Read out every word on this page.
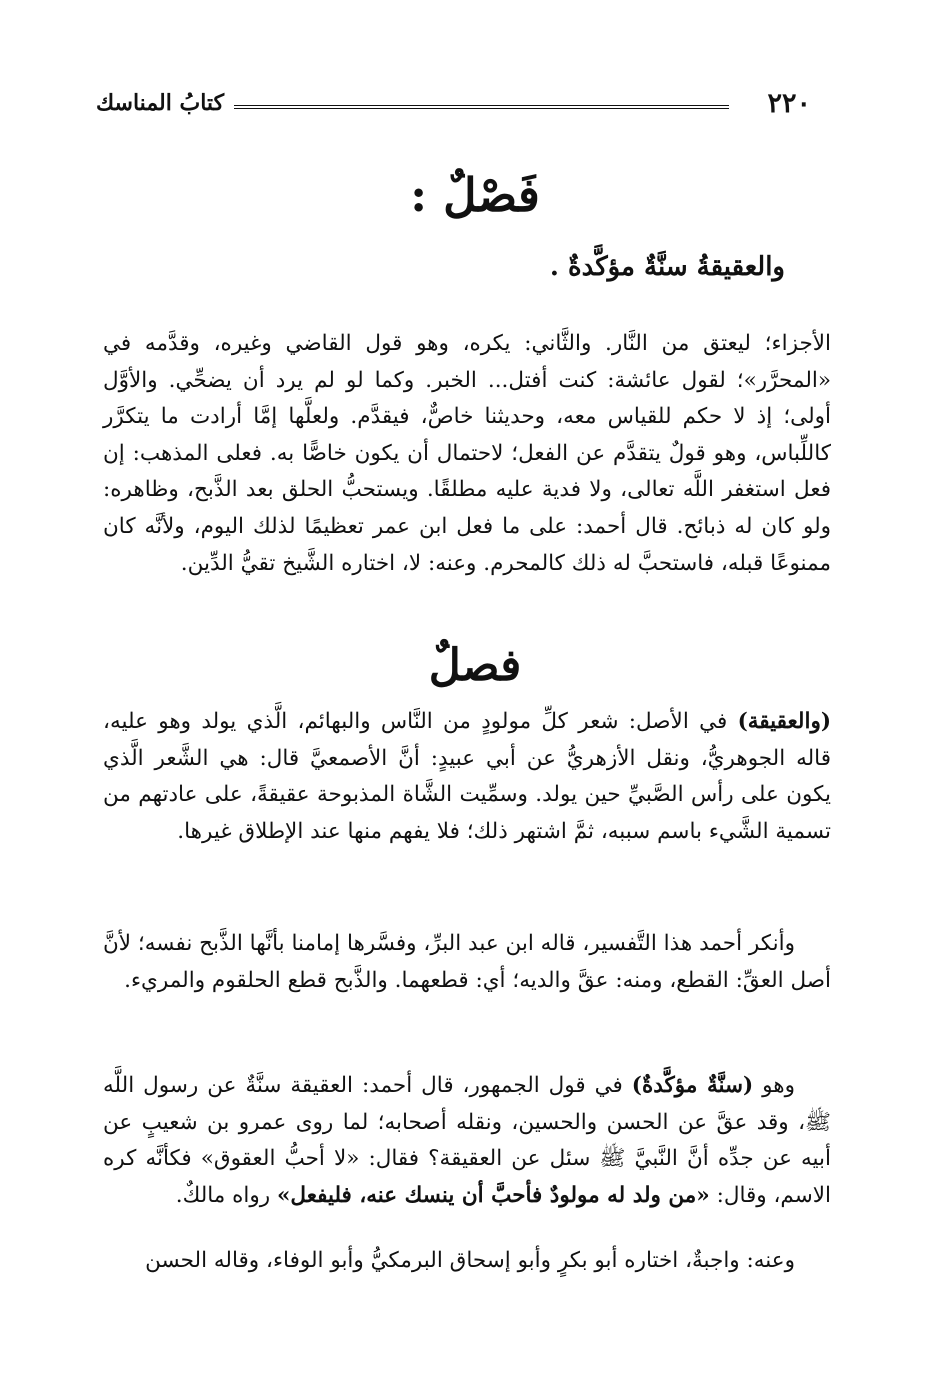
٢٢٠
كتابُ المناسك
فَصْلٌ :
والعقيقةُ سنَّةٌ مؤكَّدةٌ .

الأجزاء؛ ليعتق من النَّار. والثَّاني: يكره، وهو قول القاضي وغيره، وقدَّمه في «المحرَّر»؛ لقول عائشة: كنت أفتل... الخبر. وكما لو لم يرد أن يضحِّي. والأوَّل أولى؛ إذ لا حكم للقياس معه، وحديثنا خاصٌّ، فيقدَّم. ولعلَّها إمَّا أرادت ما يتكرَّر كاللِّباس، وهو قولٌ يتقدَّم عن الفعل؛ لاحتمال أن يكون خاصًّا به. فعلى المذهب: إن فعل استغفر اللَّه تعالى، ولا فدية عليه مطلقًا. ويستحبُّ الحلق بعد الذَّبح، وظاهره: ولو كان له ذبائح. قال أحمد: على ما فعل ابن عمر تعظيمًا لذلك اليوم، ولأنَّه كان ممنوعًا قبله، فاستحبَّ له ذلك كالمحرم. وعنه: لا، اختاره الشَّيخ تقيُّ الدِّين.

فصلٌ

(والعقيقة) في الأصل: شعر كلِّ مولودٍ من النَّاس والبهائم، الَّذي يولد وهو عليه، قاله الجوهريُّ، ونقل الأزهريُّ عن أبي عبيدٍ: أنَّ الأصمعيَّ قال: هي الشَّعر الَّذي يكون على رأس الصَّبيِّ حين يولد. وسمِّيت الشَّاة المذبوحة عقيقةً، على عادتهم من تسمية الشَّيء باسم سببه، ثمَّ اشتهر ذلك؛ فلا يفهم منها عند الإطلاق غيرها.

وأنكر أحمد هذا التَّفسير، قاله ابن عبد البرِّ، وفسَّرها إمامنا بأنَّها الذَّبح نفسه؛ لأنَّ أصل العقِّ: القطع، ومنه: عقَّ والديه؛ أي: قطعهما. والذَّبح قطع الحلقوم والمريء.

وهو (سنَّةٌ مؤكَّدةٌ) في قول الجمهور، قال أحمد: العقيقة سنَّةٌ عن رسول اللَّه ﷺ، وقد عقَّ عن الحسن والحسين، ونقله أصحابه؛ لما روى عمرو بن شعيبٍ عن أبيه عن جدِّه أنَّ النَّبيَّ ﷺ سئل عن العقيقة؟ فقال: «لا أحبُّ العقوق» فكأنَّه كره الاسم، وقال: «من ولد له مولودٌ فأحبَّ أن ينسك عنه، فليفعل» رواه مالكٌ.

وعنه: واجبةٌ، اختاره أبو بكرٍ وأبو إسحاق البرمكيُّ وأبو الوفاء، وقاله الحسن
